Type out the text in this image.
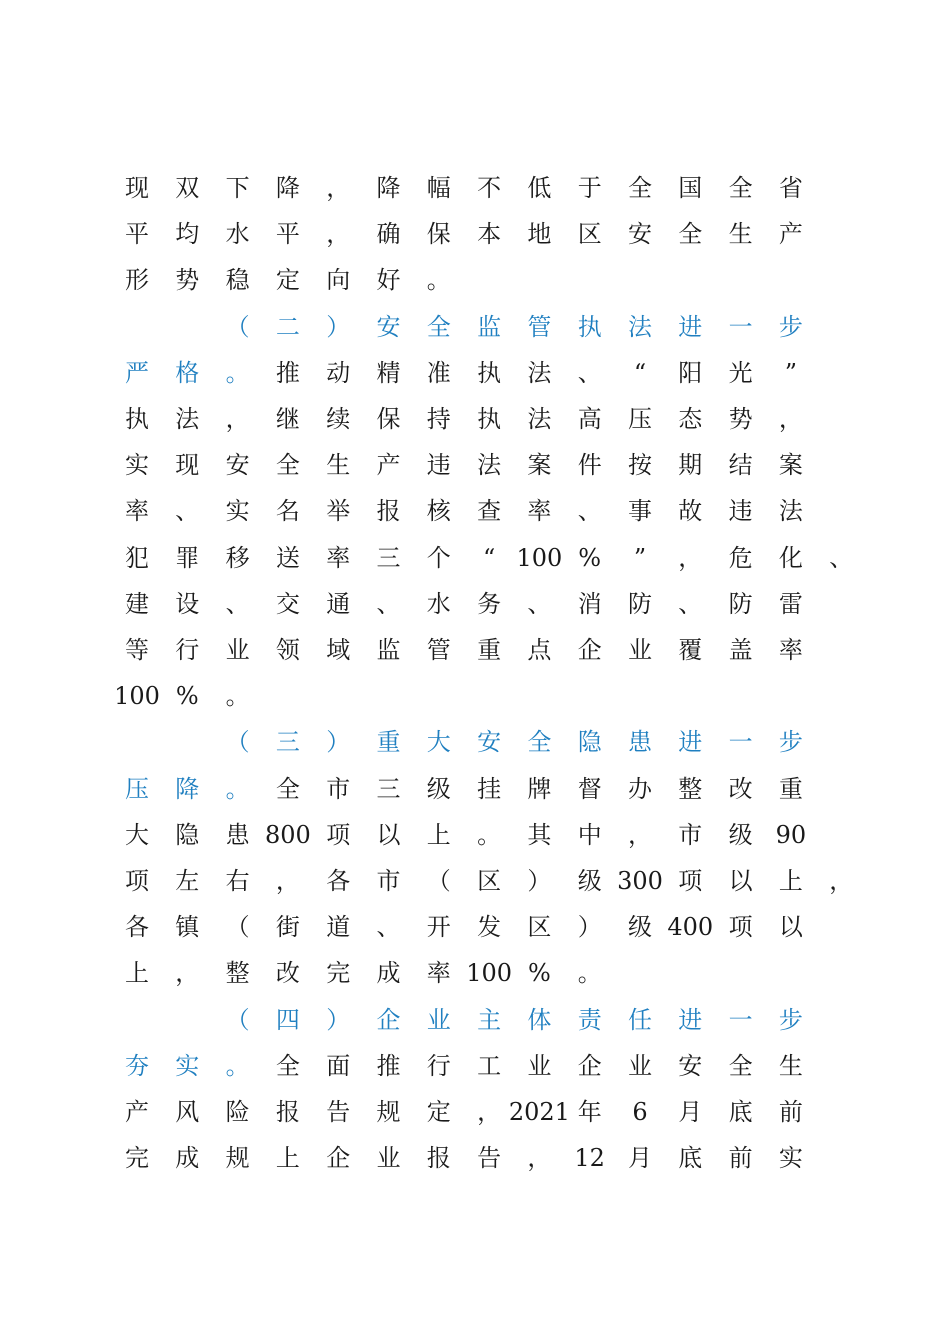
现 双 下 降 ， 降 幅 不 低 于 全 国 全 省
平 均 水 平 ， 确 保 本 地 区 安 全 生 产
形 势 稳 定 向 好 。
（ 二 ） 安 全 监 管 执 法 进 一 步
严 格 。 推 动 精 准 执 法 、 “ 阳 光 ”
执 法 ， 继 续 保 持 执 法 高 压 态 势 ，
实 现 安 全 生 产 违 法 案 件 按 期 结 案
率 、 实 名 举 报 核 查 率 、 事 故 违 法
犯 罪 移 送 率 三 个 “ 100 % ” ， 危 化 、
建 设 、 交 通 、 水 务 、 消 防 、 防 雷
等 行 业 领 域 监 管 重 点 企 业 覆 盖 率
100 % 。
（ 三 ） 重 大 安 全 隐 患 进 一 步
压 降 。 全 市 三 级 挂 牌 督 办 整 改 重
大 隐 患 800 项 以 上 。 其 中 ， 市 级 90
项 左 右 ， 各 市 （ 区 ） 级 300 项 以 上 ，
各 镇 （ 街 道 、 开 发 区 ） 级 400 项 以
上 ， 整 改 完 成 率 100 % 。
（ 四 ） 企 业 主 体 责 任 进 一 步
夯 实 。 全 面 推 行 工 业 企 业 安 全 生
产 风 险 报 告 规 定 ， 2021 年 6 月 底 前
完 成 规 上 企 业 报 告 ， 12 月 底 前 实
